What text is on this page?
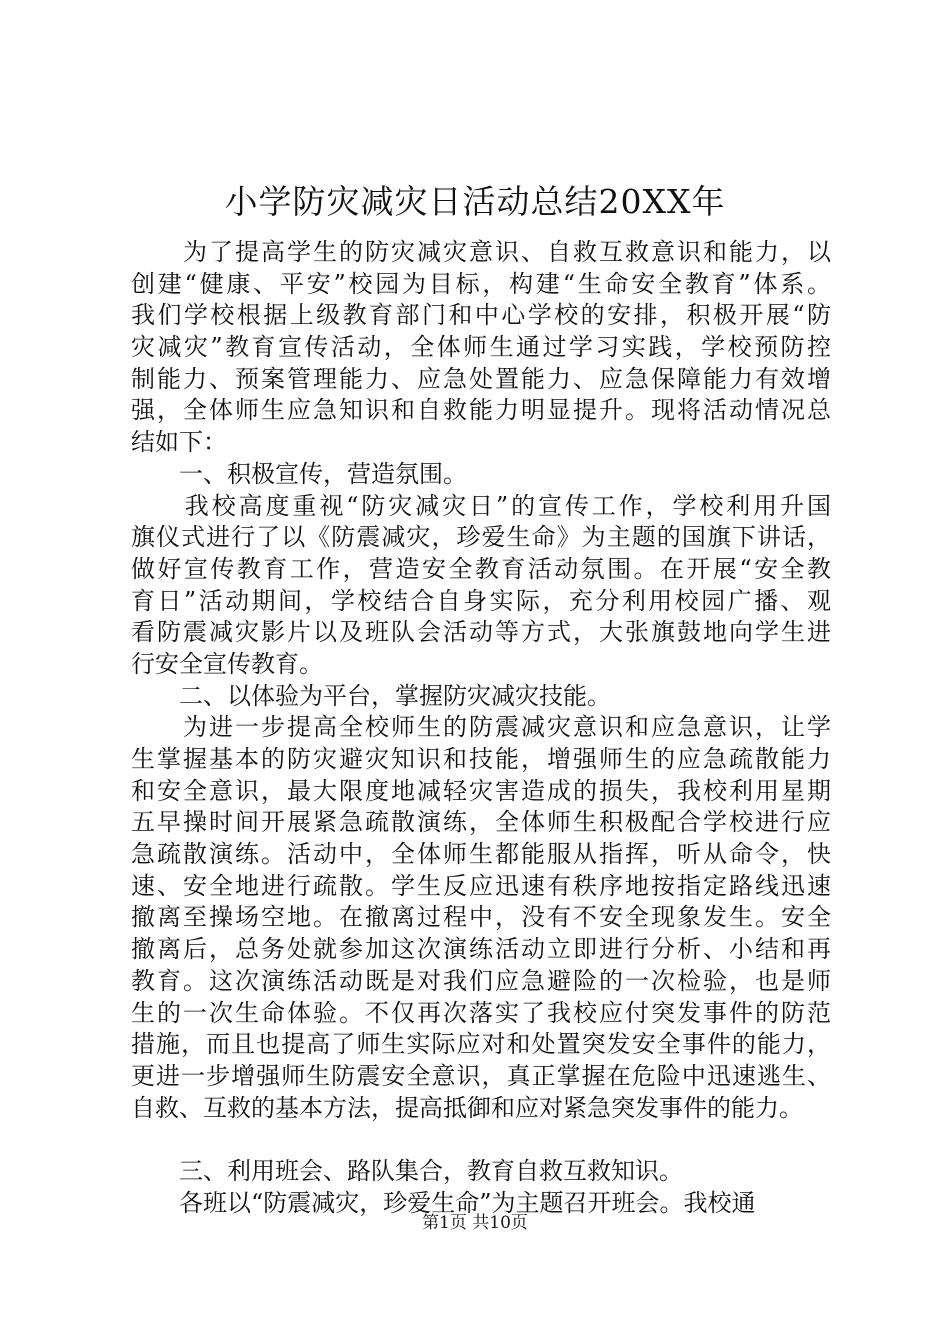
小学防灾减灾日活动总结20XX年
　　为了提高学生的防灾减灾意识、自救互救意识和能力，以
创建“健康、平安”校园为目标，构建“生命安全教育”体系。
我们学校根据上级教育部门和中心学校的安排，积极开展“防
灾减灾”教育宣传活动，全体师生通过学习实践，学校预防控
制能力、预案管理能力、应急处置能力、应急保障能力有效增
强，全体师生应急知识和自救能力明显提升。现将活动情况总
结如下：
　　一、积极宣传，营造氛围。
　　我校高度重视“防灾减灾日”的宣传工作，学校利用升国
旗仪式进行了以《防震减灾，珍爱生命》为主题的国旗下讲话，
做好宣传教育工作，营造安全教育活动氛围。在开展“安全教
育日”活动期间，学校结合自身实际，充分利用校园广播、观
看防震减灾影片以及班队会活动等方式，大张旗鼓地向学生进
行安全宣传教育。
　　二、以体验为平台，掌握防灾减灾技能。
　　为进一步提高全校师生的防震减灾意识和应急意识，让学
生掌握基本的防灾避灾知识和技能，增强师生的应急疏散能力
和安全意识，最大限度地减轻灾害造成的损失，我校利用星期
五早操时间开展紧急疏散演练，全体师生积极配合学校进行应
急疏散演练。活动中，全体师生都能服从指挥，听从命令，快
速、安全地进行疏散。学生反应迅速有秩序地按指定路线迅速
撤离至操场空地。在撤离过程中，没有不安全现象发生。安全
撤离后，总务处就参加这次演练活动立即进行分析、小结和再
教育。这次演练活动既是对我们应急避险的一次检验，也是师
生的一次生命体验。不仅再次落实了我校应付突发事件的防范
措施，而且也提高了师生实际应对和处置突发安全事件的能力，
更进一步增强师生防震安全意识，真正掌握在危险中迅速逃生、
自救、互救的基本方法，提高抵御和应对紧急突发事件的能力。
　　三、利用班会、路队集合，教育自救互救知识。
　　各班以“防震减灾，珍爱生命”为主题召开班会。我校通
第1页 共10页
